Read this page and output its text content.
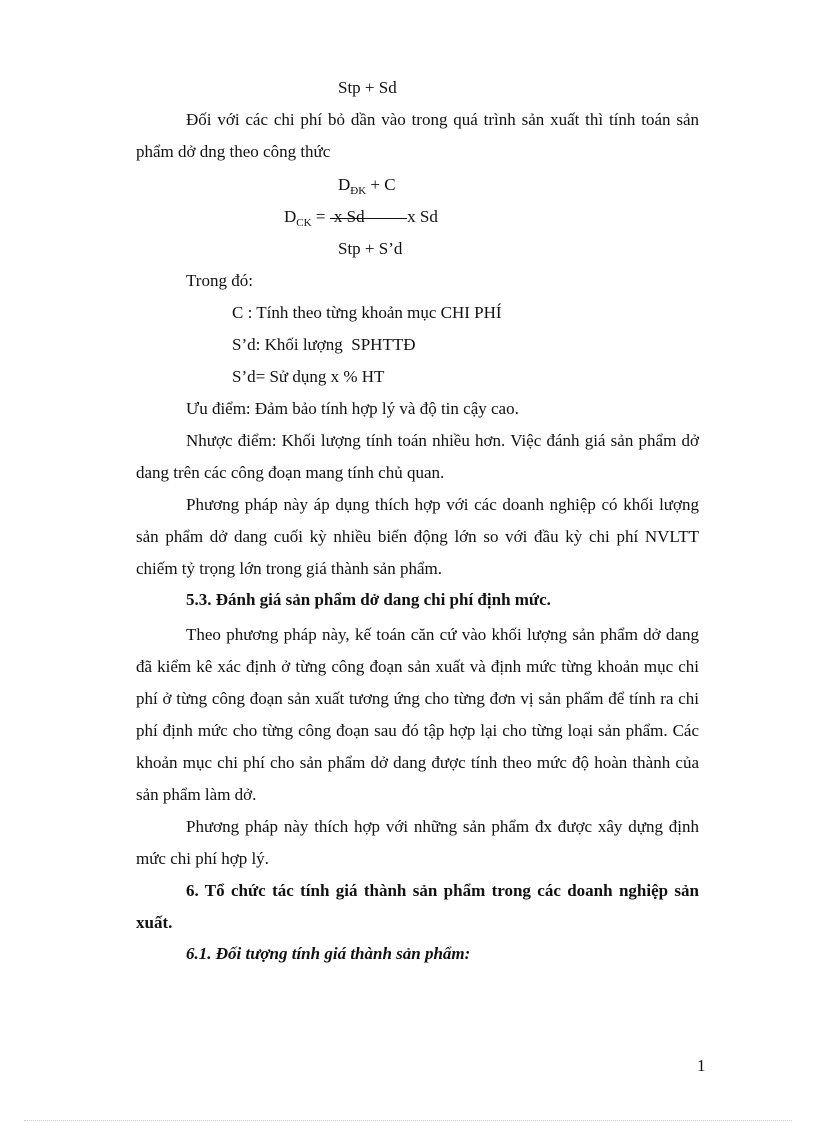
Stp + Sd
Đối với các chi phí bỏ dần vào trong quá trình sản xuất thì tính toán sản phẩm dở dng theo công thức
$D_{ĐK} + C$
$D_{CK} = x$ Sd          x Sd
Stp + S’d
Trong đó:
C : Tính theo từng khoản mục CHI PHÍ
S’d: Khối lượng  SPHTTĐ
S’d= Sử dụng x % HT
Ưu điểm: Đảm bảo tính hợp lý và độ tin cậy cao.
Nhược điểm: Khối lượng tính toán nhiều hơn. Việc đánh giá sản phẩm dở dang trên các công đoạn mang tính chủ quan.
Phương pháp này áp dụng thích hợp với các doanh nghiệp có khối lượng sản phẩm dở dang cuối kỳ nhiều biến động lớn so với đầu kỳ chi phí NVLTT chiếm tỷ trọng lớn trong giá thành sản phẩm.
5.3. Đánh giá sản phẩm dở dang chi phí định mức.
Theo phương pháp này, kế toán căn cứ vào khối lượng sản phẩm dở dang đã kiểm kê xác định ở từng công đoạn sản xuất và định mức từng khoản mục chi phí ở từng công đoạn sản xuất tương ứng cho từng đơn vị sản phẩm để tính ra chi phí định mức cho từng công đoạn sau đó tập hợp lại cho từng loại sản phẩm. Các khoản mục chi phí cho sản phẩm dở dang được tính theo mức độ hoàn thành của sản phẩm làm dở.
Phương pháp này thích hợp với những sản phẩm đx được xây dựng định mức chi phí hợp lý.
6. Tổ chức tác tính giá thành sản phẩm trong các doanh nghiệp sản xuất.
6.1. Đối tượng tính giá thành sản phẩm:
1
